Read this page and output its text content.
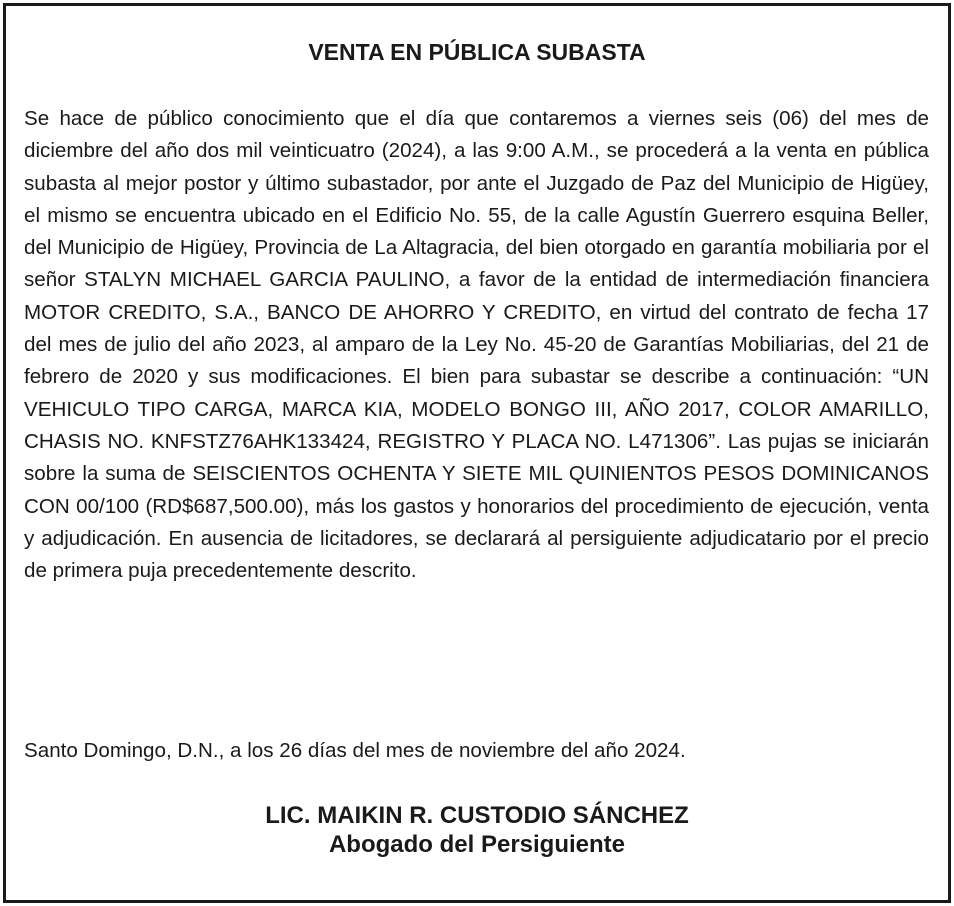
VENTA EN PÚBLICA SUBASTA

Se hace de público conocimiento que el día que contaremos a viernes seis (06) del mes de diciembre del año dos mil veinticuatro (2024), a las 9:00 A.M., se procederá a la venta en pública subasta al mejor postor y último subastador, por ante el Juzgado de Paz del Municipio de Higüey, el mismo se encuentra ubicado en el Edificio No. 55, de la calle Agustín Guerrero esquina Beller, del Municipio de Higüey, Provincia de La Altagracia, del bien otorgado en garantía mobiliaria por el señor STALYN MICHAEL GARCIA PAULINO, a favor de la entidad de intermediación financiera MOTOR CREDITO, S.A., BANCO DE AHORRO Y CREDITO, en virtud del contrato de fecha 17 del mes de julio del año 2023, al amparo de la Ley No. 45-20 de Garantías Mobiliarias, del 21 de febrero de 2020 y sus modificaciones. El bien para subastar se describe a continuación: “UN VEHICULO TIPO CARGA, MARCA KIA, MODELO BONGO III, AÑO 2017, COLOR AMARILLO, CHASIS NO. KNFSTZ76AHK133424, REGISTRO Y PLACA NO. L471306”. Las pujas se iniciarán sobre la suma de SEISCIENTOS OCHENTA Y SIETE MIL QUINIENTOS PESOS DOMINICANOS CON 00/100 (RD$687,500.00), más los gastos y honorarios del procedimiento de ejecución, venta y adjudicación. En ausencia de licitadores, se declarará al persiguiente adjudicatario por el precio de primera puja precedentemente descrito.

Santo Domingo, D.N., a los 26 días del mes de noviembre del año 2024.

LIC. MAIKIN R. CUSTODIO SÁNCHEZ
Abogado del Persiguiente
